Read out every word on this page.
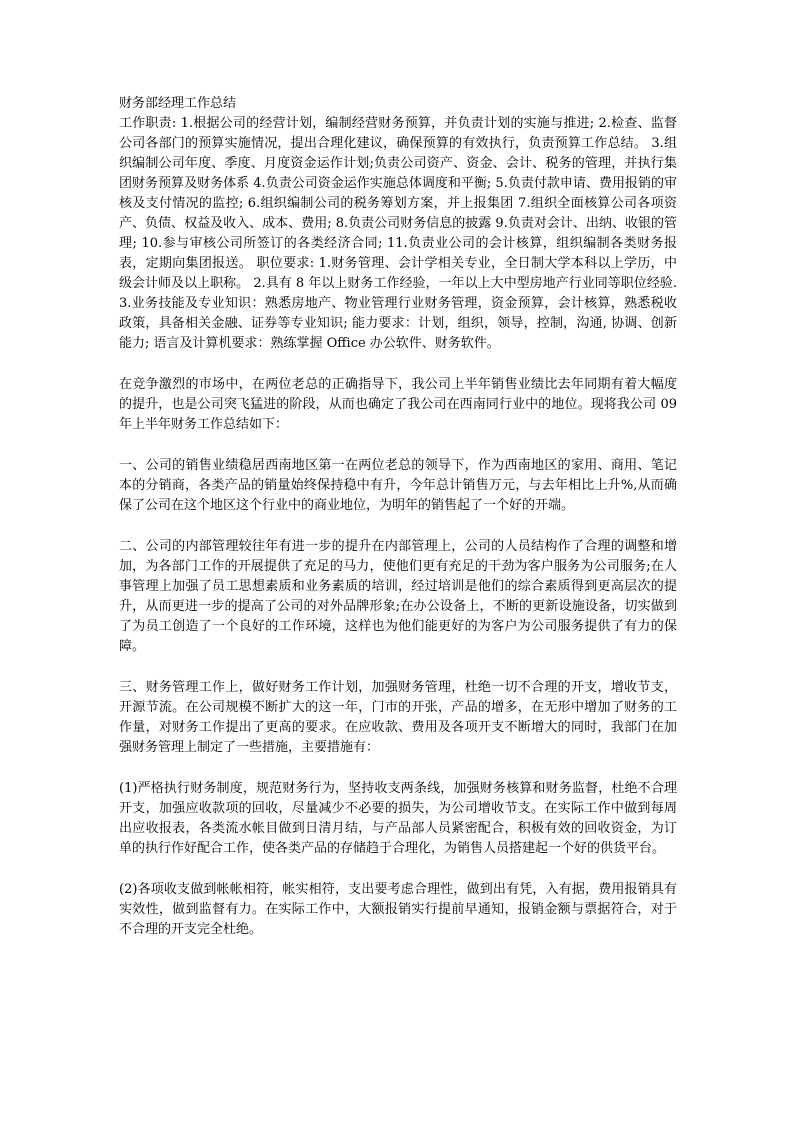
财务部经理工作总结

工作职责: 1.根据公司的经营计划，编制经营财务预算，并负责计划的实施与推进; 2.检查、监督公司各部门的预算实施情况，提出合理化建议，确保预算的有效执行，负责预算工作总结。 3.组织编制公司年度、季度、月度资金运作计划;负责公司资产、资金、会计、税务的管理，并执行集团财务预算及财务体系 4.负责公司资金运作实施总体调度和平衡; 5.负责付款申请、费用报销的审核及支付情况的监控; 6.组织编制公司的税务筹划方案，并上报集团 7.组织全面核算公司各项资产、负债、权益及收入、成本、费用; 8.负责公司财务信息的披露 9.负责对会计、出纳、收银的管理; 10.参与审核公司所签订的各类经济合同; 11.负责业公司的会计核算，组织编制各类财务报表，定期向集团报送。 职位要求: 1.财务管理、会计学相关专业，全日制大学本科以上学历，中级会计师及以上职称。 2.具有 8 年以上财务工作经验，一年以上大中型房地产行业同等职位经验. 3.业务技能及专业知识：熟悉房地产、物业管理行业财务管理，资金预算，会计核算，熟悉税收政策，具备相关金融、证券等专业知识; 能力要求：计划，组织，领导，控制，沟通, 协调、创新能力; 语言及计算机要求：熟练掌握 Office 办公软件、财务软件。

在竞争激烈的市场中，在两位老总的正确指导下，我公司上半年销售业绩比去年同期有着大幅度的提升，也是公司突飞猛进的阶段，从而也确定了我公司在西南同行业中的地位。现将我公司 09 年上半年财务工作总结如下：

一、公司的销售业绩稳居西南地区第一在两位老总的领导下，作为西南地区的家用、商用、笔记本的分销商，各类产品的销量始终保持稳中有升，今年总计销售万元，与去年相比上升%,从而确保了公司在这个地区这个行业中的商业地位，为明年的销售起了一个好的开端。

二、公司的内部管理较往年有进一步的提升在内部管理上，公司的人员结构作了合理的调整和增加，为各部门工作的开展提供了充足的马力，使他们更有充足的干劲为客户服务为公司服务;在人事管理上加强了员工思想素质和业务素质的培训，经过培训是他们的综合素质得到更高层次的提升，从而更进一步的提高了公司的对外品牌形象;在办公设备上，不断的更新设施设备，切实做到了为员工创造了一个良好的工作环境，这样也为他们能更好的为客户为公司服务提供了有力的保障。

三、财务管理工作上，做好财务工作计划，加强财务管理，杜绝一切不合理的开支，增收节支，开源节流。在公司规模不断扩大的这一年，门市的开张，产品的增多，在无形中增加了财务的工作量，对财务工作提出了更高的要求。在应收款、费用及各项开支不断增大的同时，我部门在加强财务管理上制定了一些措施，主要措施有：

(1)严格执行财务制度，规范财务行为，坚持收支两条线，加强财务核算和财务监督，杜绝不合理开支，加强应收款项的回收，尽量减少不必要的损失，为公司增收节支。在实际工作中做到每周出应收报表，各类流水帐目做到日清月结，与产品部人员紧密配合，积极有效的回收资金，为订单的执行作好配合工作，使各类产品的存储趋于合理化，为销售人员搭建起一个好的供货平台。

(2)各项收支做到帐帐相符，帐实相符，支出要考虑合理性，做到出有凭，入有据，费用报销具有实效性，做到监督有力。在实际工作中，大额报销实行提前早通知，报销金额与票据符合，对于不合理的开支完全杜绝。
